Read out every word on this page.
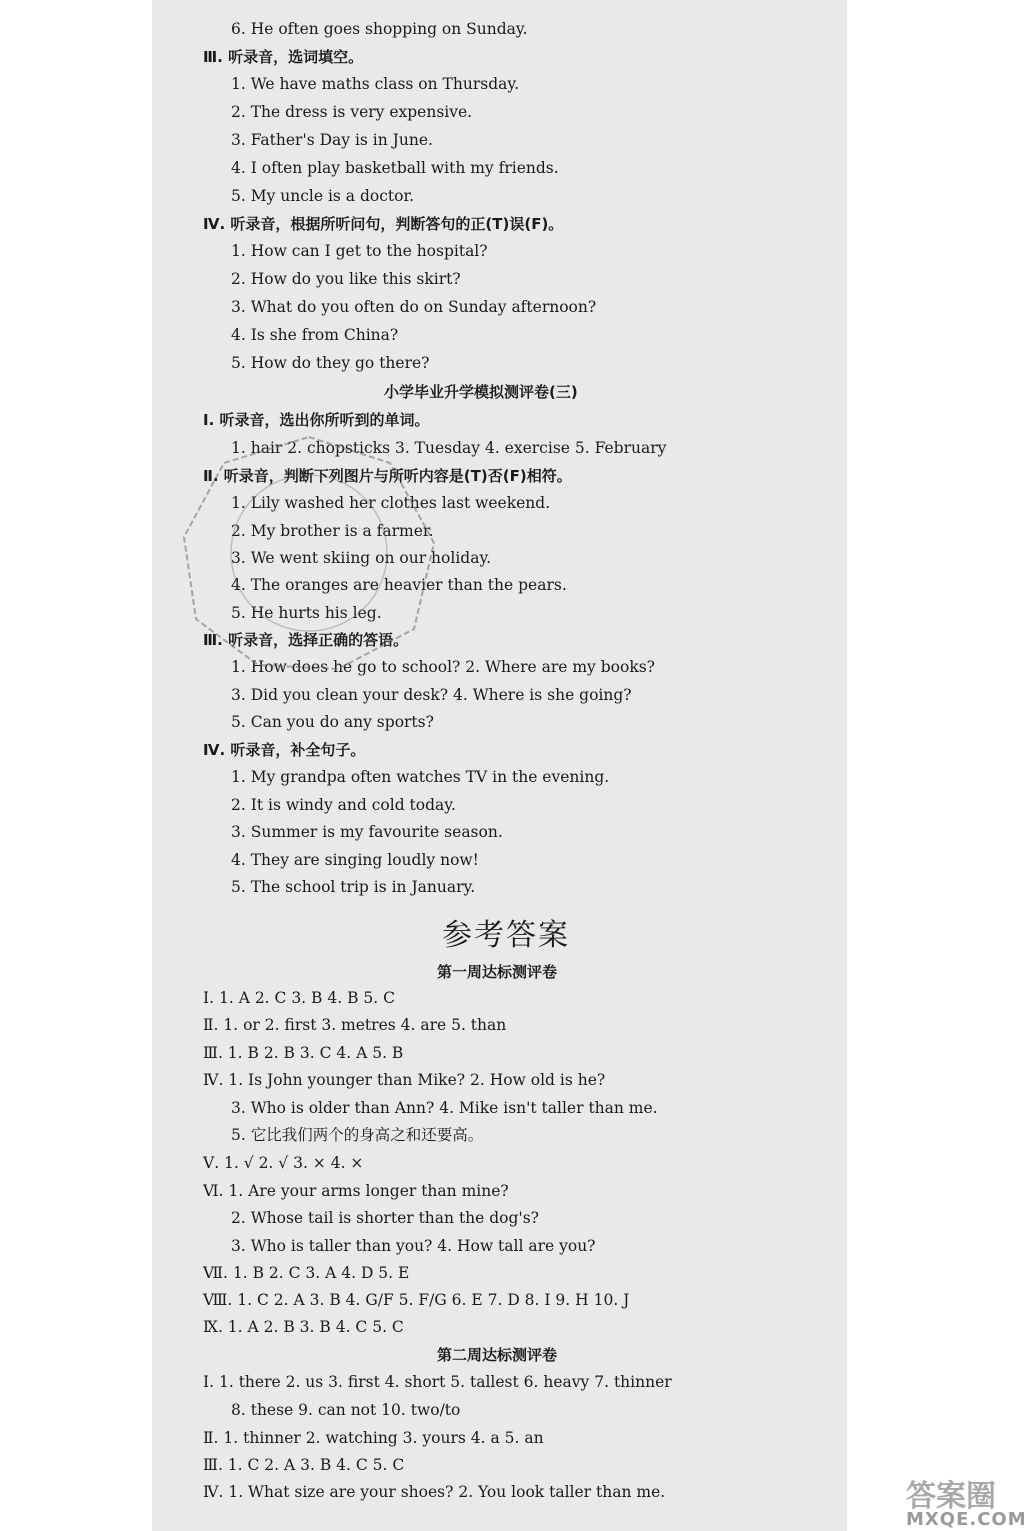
6. He often goes shopping on Sunday.
Ⅲ. 听录音，选词填空。
1. We have maths class on Thursday.
2. The dress is very expensive.
3. Father's Day is in June.
4. I often play basketball with my friends.
5. My uncle is a doctor.
Ⅳ. 听录音，根据所听问句，判断答句的正(T)误(F)。
1. How can I get to the hospital?
2. How do you like this skirt?
3. What do you often do on Sunday afternoon?
4. Is she from China?
5. How do they go there?
小学毕业升学模拟测评卷(三)
Ⅰ. 听录音，选出你所听到的单词。
1. hair 2. chopsticks 3. Tuesday 4. exercise 5. February
Ⅱ. 听录音，判断下列图片与所听内容是(T)否(F)相符。
1. Lily washed her clothes last weekend.
2. My brother is a farmer.
3. We went skiing on our holiday.
4. The oranges are heavier than the pears.
5. He hurts his leg.
Ⅲ. 听录音，选择正确的答语。
1. How does he go to school? 2. Where are my books?
3. Did you clean your desk? 4. Where is she going?
5. Can you do any sports?
Ⅳ. 听录音，补全句子。
1. My grandpa often watches TV in the evening.
2. It is windy and cold today.
3. Summer is my favourite season.
4. They are singing loudly now!
5. The school trip is in January.
参考答案
第一周达标测评卷
Ⅰ. 1. A 2. C 3. B 4. B 5. C
Ⅱ. 1. or 2. first 3. metres 4. are 5. than
Ⅲ. 1. B 2. B 3. C 4. A 5. B
Ⅳ. 1. Is John younger than Mike? 2. How old is he?
3. Who is older than Ann? 4. Mike isn't taller than me.
5. 它比我们两个的身高之和还要高。
Ⅴ. 1. √ 2. √ 3. × 4. ×
Ⅵ. 1. Are your arms longer than mine?
2. Whose tail is shorter than the dog's?
3. Who is taller than you? 4. How tall are you?
Ⅶ. 1. B 2. C 3. A 4. D 5. E
Ⅷ. 1. C 2. A 3. B 4. G/F 5. F/G 6. E 7. D 8. I 9. H 10. J
Ⅸ. 1. A 2. B 3. B 4. C 5. C
第二周达标测评卷
Ⅰ. 1. there 2. us 3. first 4. short 5. tallest 6. heavy 7. thinner
8. these 9. can not 10. two/to
Ⅱ. 1. thinner 2. watching 3. yours 4. a 5. an
Ⅲ. 1. C 2. A 3. B 4. C 5. C
Ⅳ. 1. What size are your shoes? 2. You look taller than me.	答案圈
MXQE.COM
